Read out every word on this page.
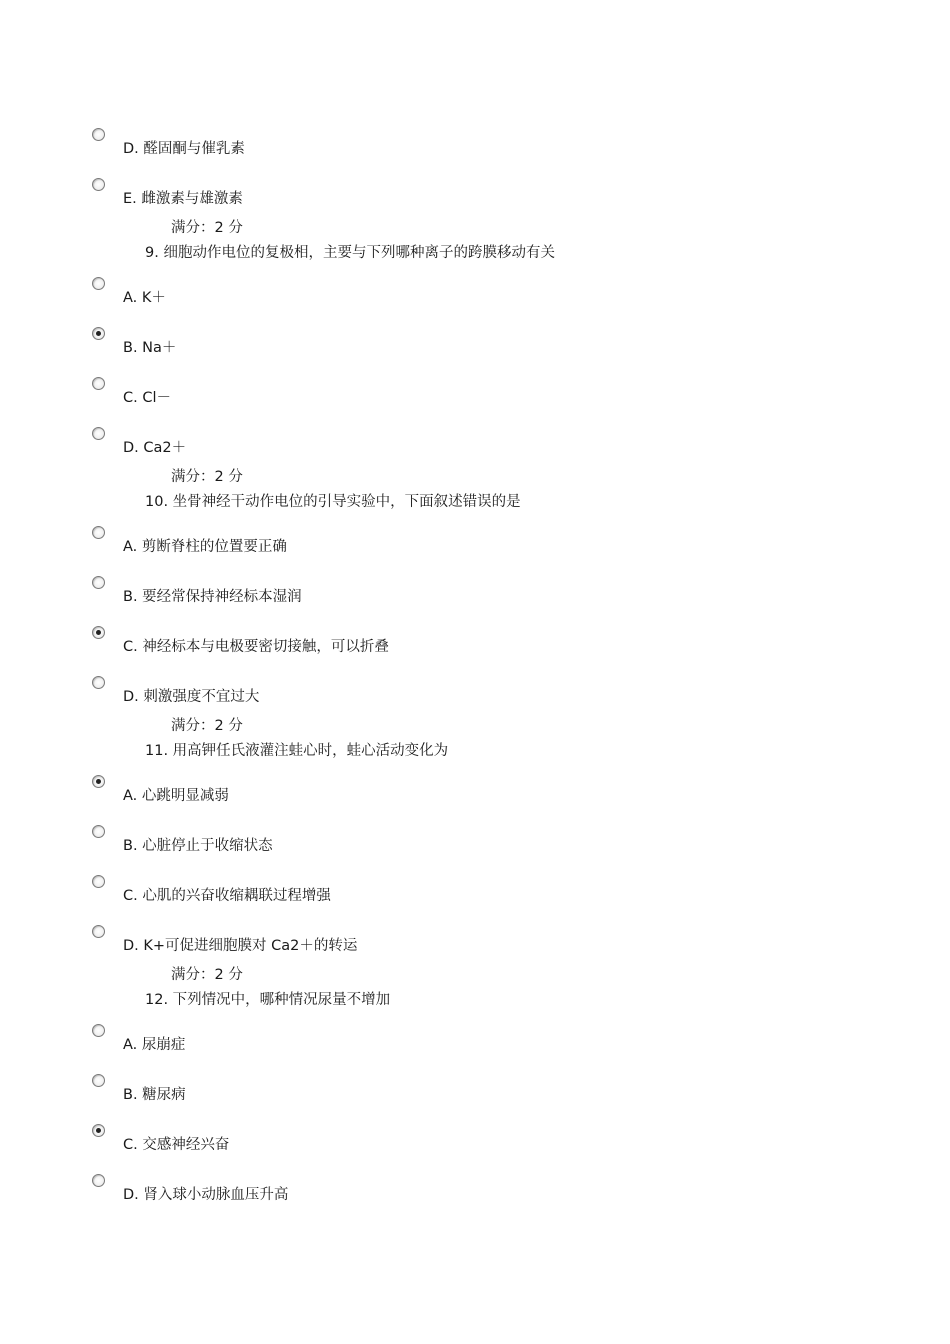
D. 醛固酮与催乳素
E. 雌激素与雄激素
满分：2 分
9. 细胞动作电位的复极相，主要与下列哪种离子的跨膜移动有关
A. K＋
B. Na＋
C. Cl－
D. Ca2＋
满分：2 分
10. 坐骨神经干动作电位的引导实验中，下面叙述错误的是
A. 剪断脊柱的位置要正确
B. 要经常保持神经标本湿润
C. 神经标本与电极要密切接触，可以折叠
D. 刺激强度不宜过大
满分：2 分
11. 用高钾任氏液灌注蛙心时，蛙心活动变化为
A. 心跳明显减弱
B. 心脏停止于收缩状态
C. 心肌的兴奋收缩耦联过程增强
D. K+可促进细胞膜对 Ca2＋的转运
满分：2 分
12. 下列情况中，哪种情况尿量不增加
A. 尿崩症
B. 糖尿病
C. 交感神经兴奋
D. 肾入球小动脉血压升高
